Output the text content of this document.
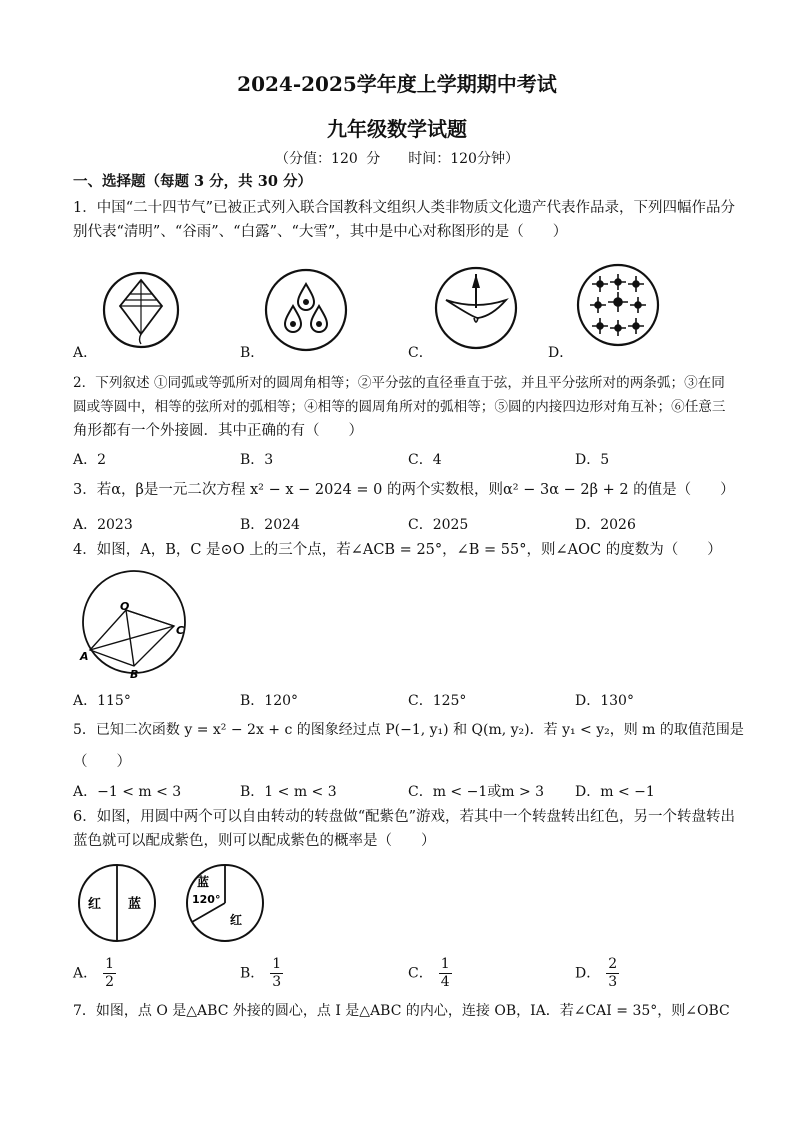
2024-2025学年度上学期期中考试
九年级数学试题
（分值：120 分　　时间：120分钟）
一、选择题（每题 3 分，共 30 分）
1．中国“二十四节气”已被正式列入联合国教科文组织人类非物质文化遗产代表作品录，下列四幅作品分
别代表“清明”、“谷雨”、“白露”、“大雪”，其中是中心对称图形的是（　　）
A．	B．	C．	D．
2．下列叙述 ①同弧或等弧所对的圆周角相等；②平分弦的直径垂直于弦，并且平分弦所对的两条弧；③在同
圆或等圆中，相等的弦所对的弧相等；④相等的圆周角所对的弧相等；⑤圆的内接四边形对角互补；⑥任意三
角形都有一个外接圆．其中正确的有（　　）
A．2	B．3	C．4	D．5
3．若α，β是一元二次方程 x² − x − 2024 = 0 的两个实数根，则α² − 3α − 2β + 2 的值是（　　）
A．2023	B．2024	C．2025	D．2026
4．如图，A，B，C 是⊙O 上的三个点，若∠ACB = 25°，∠B = 55°，则∠AOC 的度数为（　　）
O
A
B
C
A．115°	B．120°	C．125°	D．130°
5．已知二次函数 y = x² − 2x + c 的图象经过点 P(−1, y₁) 和 Q(m, y₂)．若 y₁ < y₂，则 m 的取值范围是
（　　）
A．−1 < m < 3	B．1 < m < 3	C．m < −1或m > 3 D．m < −1
6．如图，用圆中两个可以自由转动的转盘做“配紫色”游戏，若其中一个转盘转出红色，另一个转盘转出
蓝色就可以配成紫色，则可以配成紫色的概率是（　　）
红 蓝
蓝
120°
红
A． $\frac{1}{2}$	B． $\frac{1}{3}$	C． $\frac{1}{4}$	D． $\frac{2}{3}$
7．如图，点 O 是△ABC 外接的圆心，点 I 是△ABC 的内心，连接 OB，IA．若∠CAI = 35°，则∠OBC
